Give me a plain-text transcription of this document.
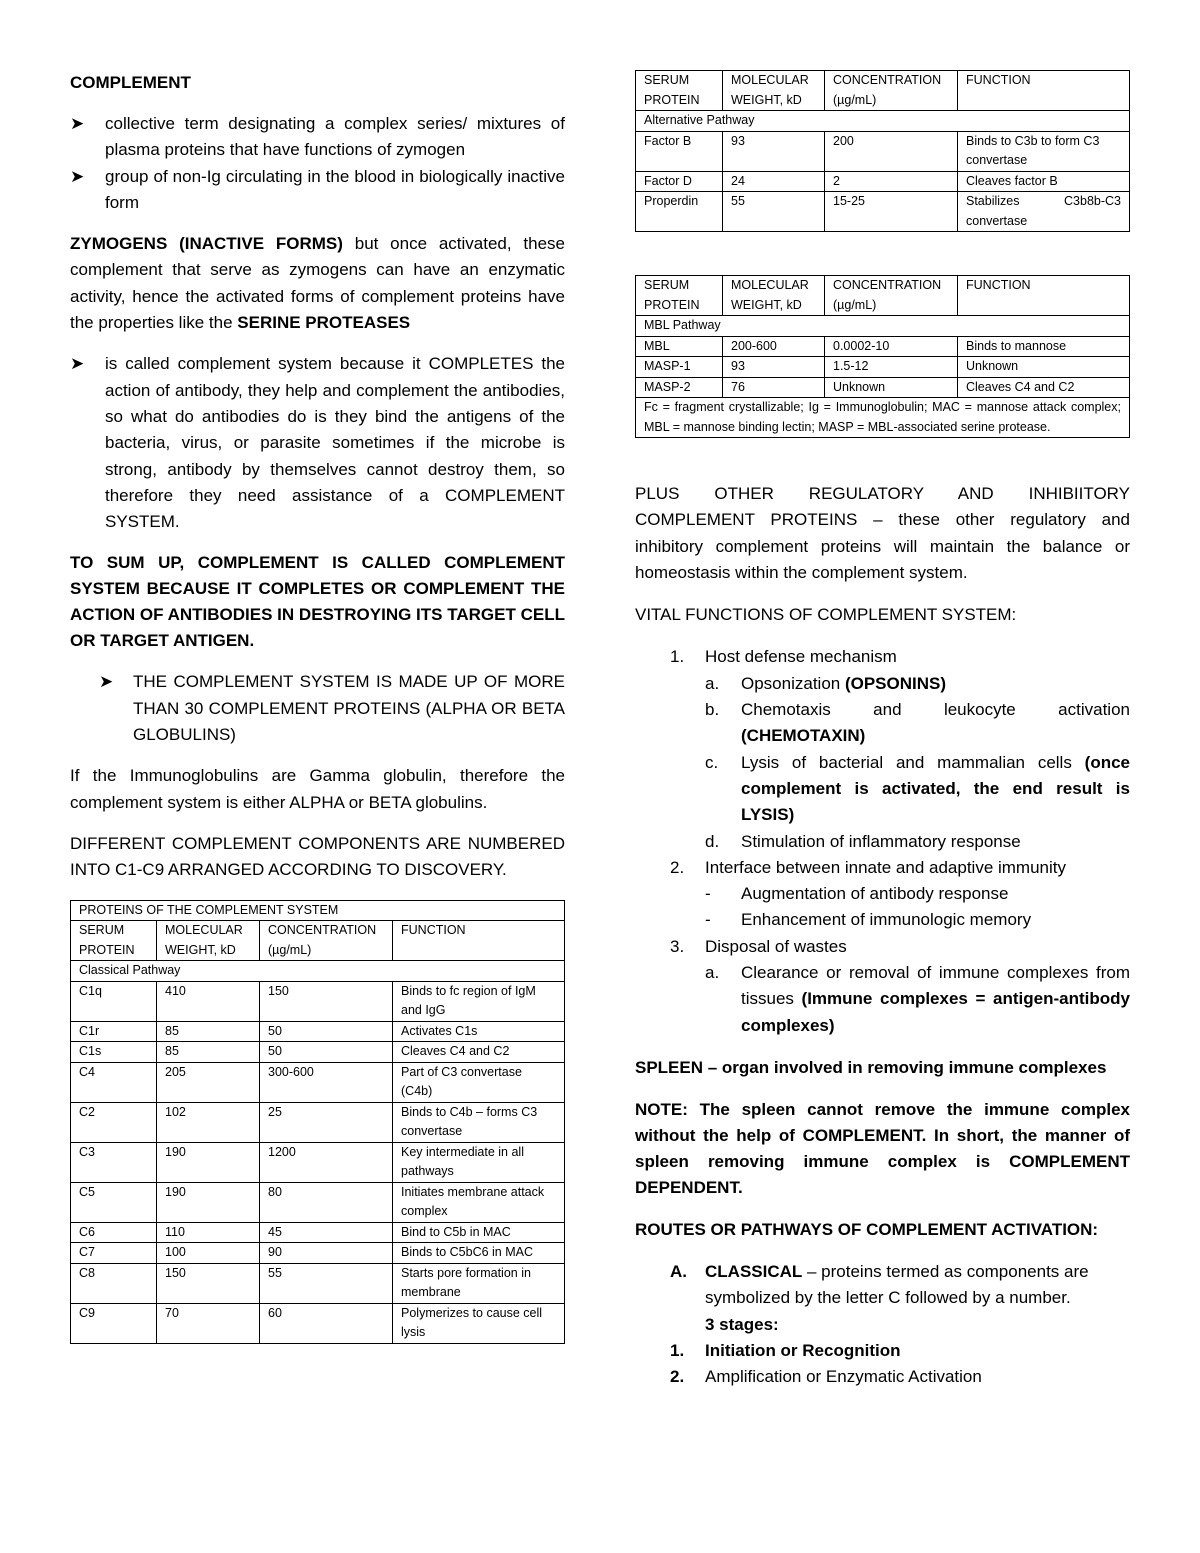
COMPLEMENT

➤ collective term designating a complex series/ mixtures of plasma proteins that have functions of zymogen
➤ group of non-Ig circulating in the blood in biologically inactive form

ZYMOGENS (INACTIVE FORMS) but once activated, these complement that serve as zymogens can have an enzymatic activity, hence the activated forms of complement proteins have the properties like the SERINE PROTEASES

➤ is called complement system because it COMPLETES the action of antibody, they help and complement the antibodies, so what do antibodies do is they bind the antigens of the bacteria, virus, or parasite sometimes if the microbe is strong, antibody by themselves cannot destroy them, so therefore they need assistance of a COMPLEMENT SYSTEM.

TO SUM UP, COMPLEMENT IS CALLED COMPLEMENT SYSTEM BECAUSE IT COMPLETES OR COMPLEMENT THE ACTION OF ANTIBODIES IN DESTROYING ITS TARGET CELL OR TARGET ANTIGEN.

➤ THE COMPLEMENT SYSTEM IS MADE UP OF MORE THAN 30 COMPLEMENT PROTEINS (ALPHA OR BETA GLOBULINS)

If the Immunoglobulins are Gamma globulin, therefore the complement system is either ALPHA or BETA globulins.

DIFFERENT COMPLEMENT COMPONENTS ARE NUMBERED INTO C1-C9 ARRANGED ACCORDING TO DISCOVERY.

PROTEINS OF THE COMPLEMENT SYSTEM			
SERUM PROTEIN	MOLECULAR WEIGHT, kD	CONCENTRATION (µg/mL)	FUNCTION
Classical Pathway			
C1q	410	150	Binds to fc region of IgM and IgG
C1r	85	50	Activates C1s
C1s	85	50	Cleaves C4 and C2
C4	205	300-600	Part of C3 convertase (C4b)
C2	102	25	Binds to C4b – forms C3 convertase
C3	190	1200	Key intermediate in all pathways
C5	190	80	Initiates membrane attack complex
C6	110	45	Bind to C5b in MAC
C7	100	90	Binds to C5bC6 in MAC
C8	150	55	Starts pore formation in membrane
C9	70	60	Polymerizes to cause cell lysis
SERUM PROTEIN	MOLECULAR WEIGHT, kD	CONCENTRATION (µg/mL)	FUNCTION
Alternative Pathway			
Factor B	93	200	Binds to C3b to form C3 convertase
Factor D	24	2	Cleaves factor B
Properdin	55	15-25	Stabilizes C3b8b-C3 convertase
SERUM PROTEIN	MOLECULAR WEIGHT, kD	CONCENTRATION (µg/mL)	FUNCTION
MBL Pathway			
MBL	200-600	0.0002-10	Binds to mannose
MASP-1	93	1.5-12	Unknown
MASP-2	76	Unknown	Cleaves C4 and C2
Fc = fragment crystallizable; Ig = Immunoglobulin; MAC = mannose attack complex; MBL = mannose binding lectin; MASP = MBL-associated serine protease.			

PLUS OTHER REGULATORY AND INHIBIITORY COMPLEMENT PROTEINS – these other regulatory and inhibitory complement proteins will maintain the balance or homeostasis within the complement system.

VITAL FUNCTIONS OF COMPLEMENT SYSTEM:

1. Host defense mechanism
a. Opsonization (OPSONINS)
b. Chemotaxis and leukocyte activation (CHEMOTAXIN)
c. Lysis of bacterial and mammalian cells (once complement is activated, the end result is LYSIS)
d. Stimulation of inflammatory response
2. Interface between innate and adaptive immunity
- Augmentation of antibody response
- Enhancement of immunologic memory
3. Disposal of wastes
a. Clearance or removal of immune complexes from tissues (Immune complexes = antigen-antibody complexes)

SPLEEN – organ involved in removing immune complexes

NOTE: The spleen cannot remove the immune complex without the help of COMPLEMENT. In short, the manner of spleen removing immune complex is COMPLEMENT DEPENDENT.

ROUTES OR PATHWAYS OF COMPLEMENT ACTIVATION:

A. CLASSICAL – proteins termed as components are symbolized by the letter C followed by a number.
3 stages:
1. Initiation or Recognition
2. Amplification or Enzymatic Activation
